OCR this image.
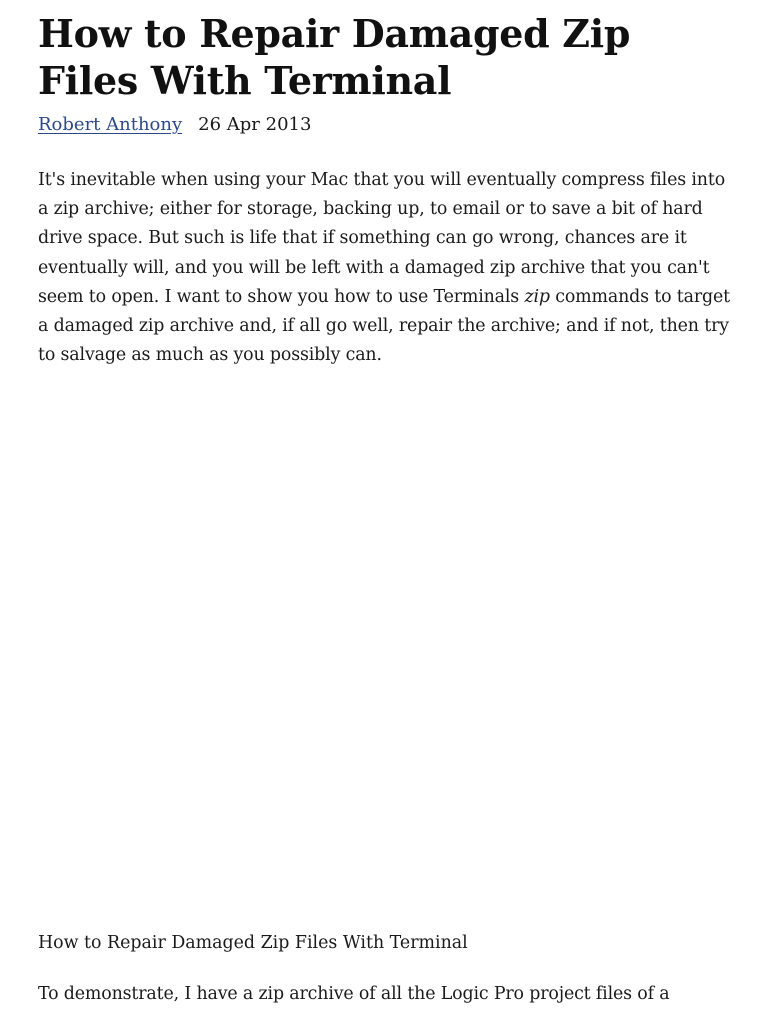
How to Repair Damaged Zip Files With Terminal
Robert Anthony 26 Apr 2013

It's inevitable when using your Mac that you will eventually compress files into a zip archive; either for storage, backing up, to email or to save a bit of hard drive space. But such is life that if something can go wrong, chances are it eventually will, and you will be left with a damaged zip archive that you can't seem to open. I want to show you how to use Terminals zip commands to target a damaged zip archive and, if all go well, repair the archive; and if not, then try to salvage as much as you possibly can.

How to Repair Damaged Zip Files With Terminal

To demonstrate, I have a zip archive of all the Logic Pro project files of a
